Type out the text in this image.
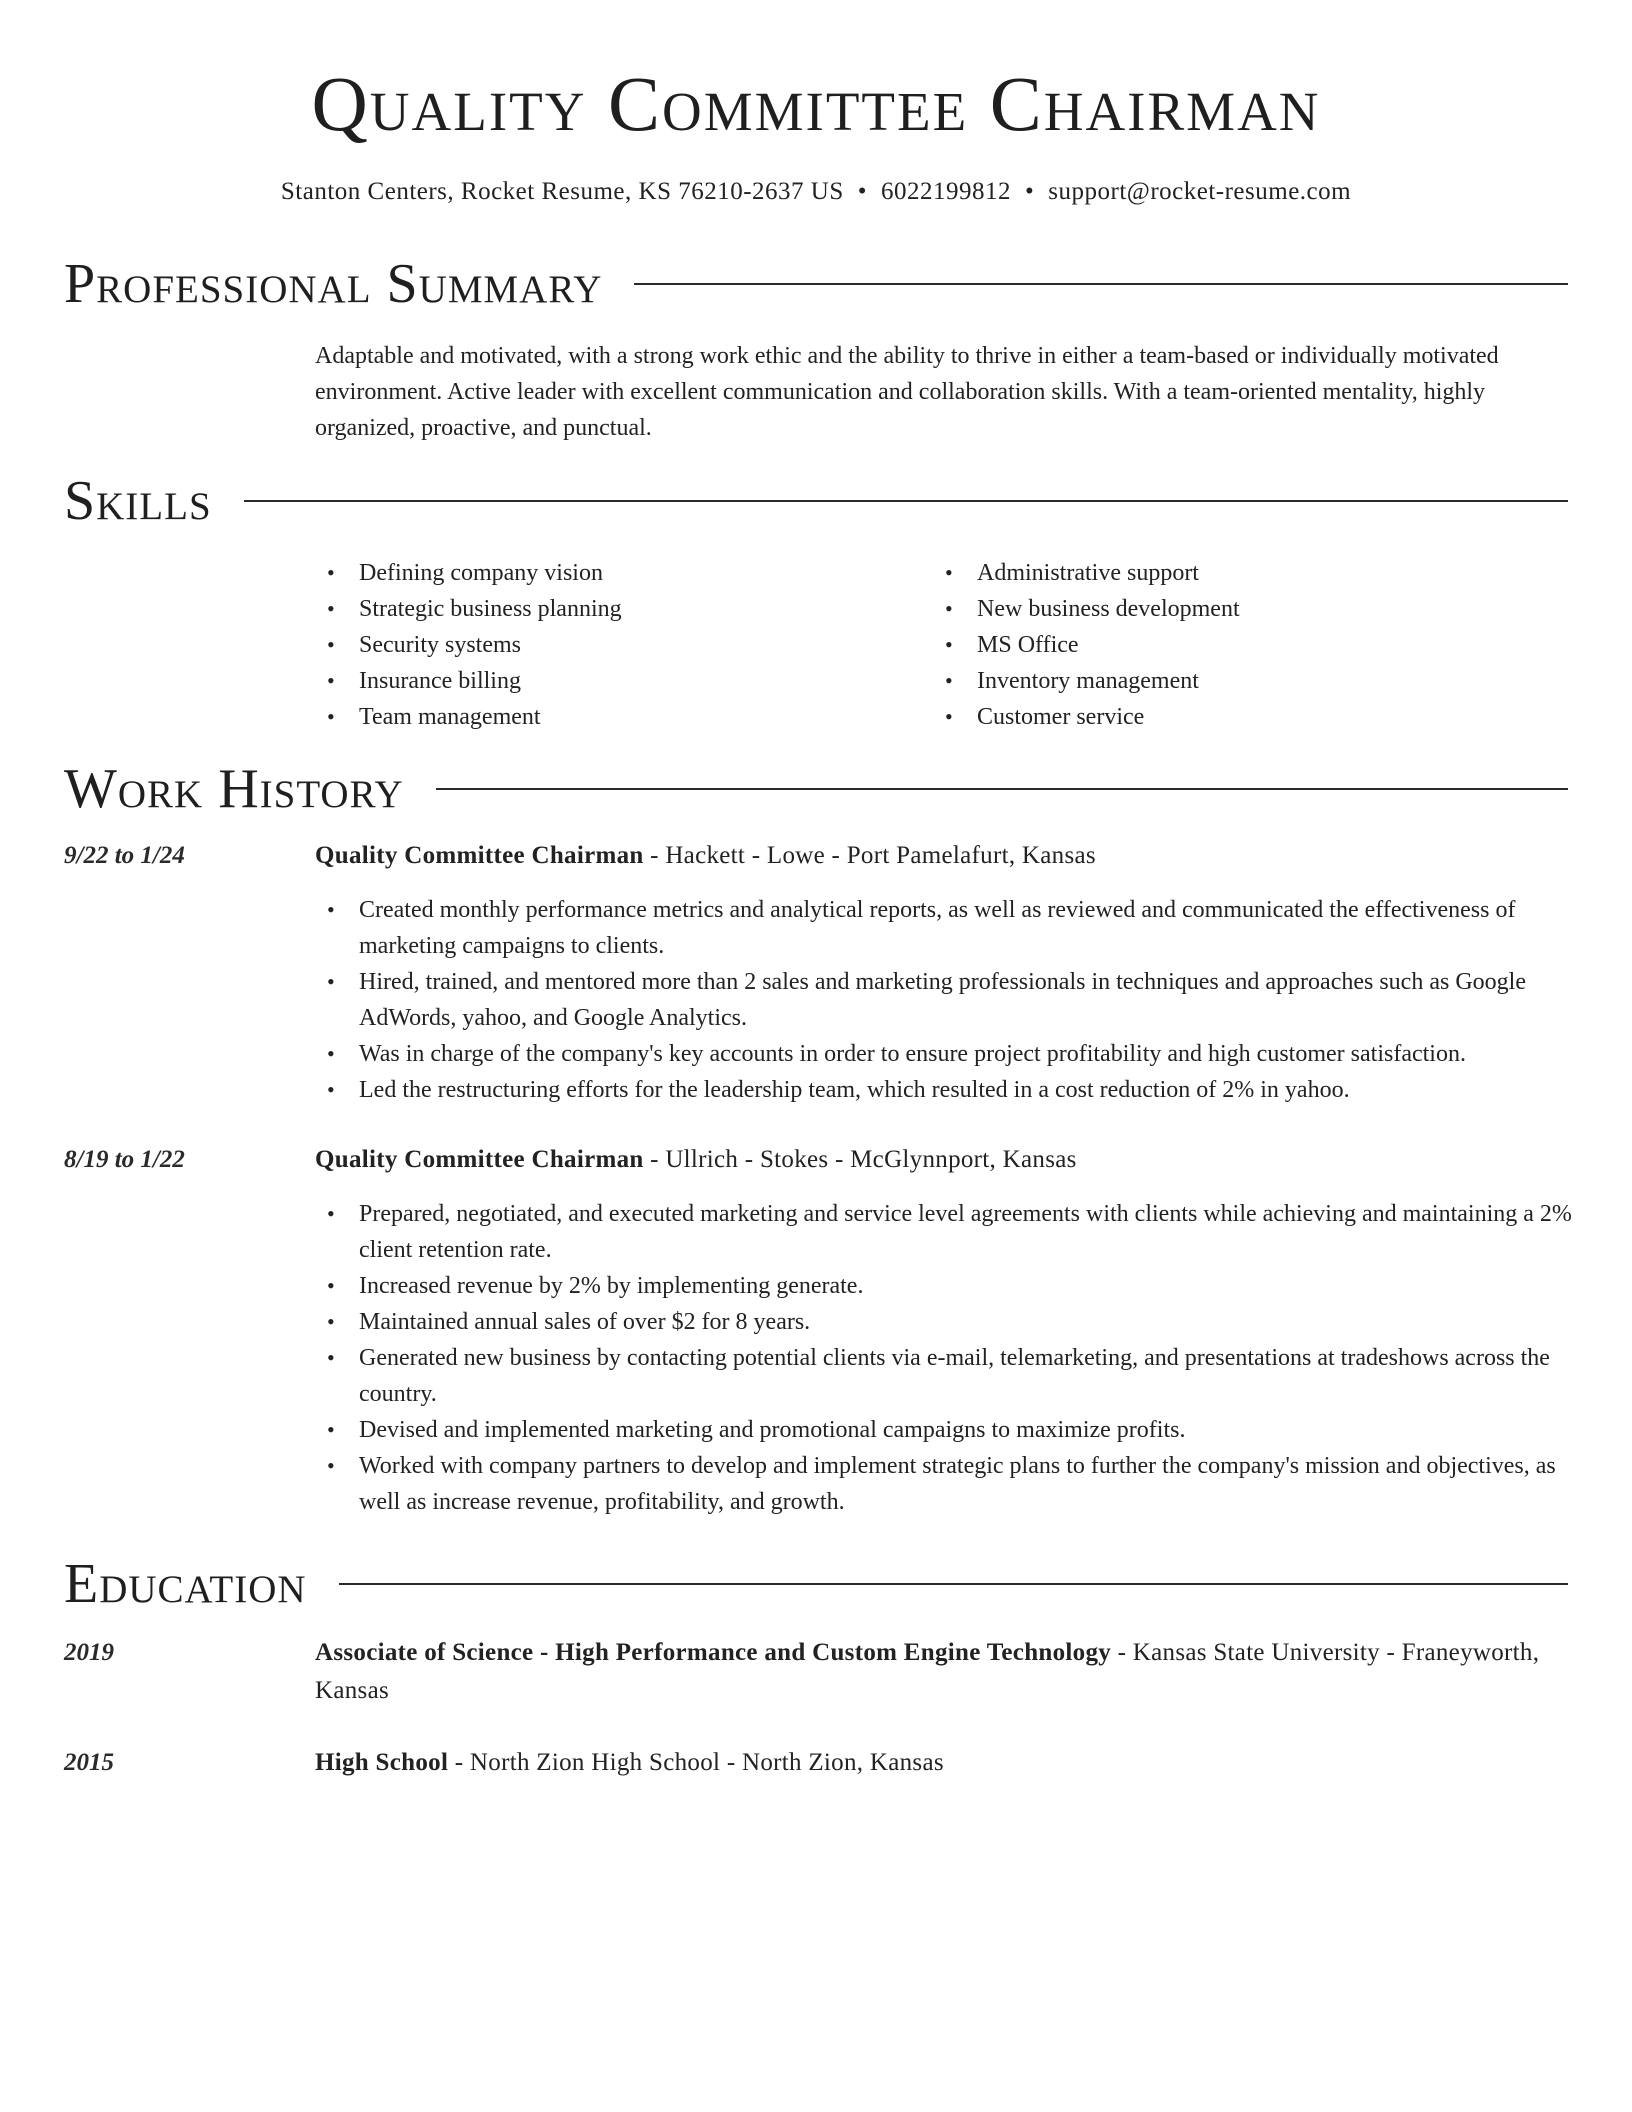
Quality Committee Chairman
Stanton Centers, Rocket Resume, KS 76210-2637 US • 6022199812 • support@rocket-resume.com
Professional Summary
Adaptable and motivated, with a strong work ethic and the ability to thrive in either a team-based or individually motivated environment. Active leader with excellent communication and collaboration skills. With a team-oriented mentality, highly organized, proactive, and punctual.
Skills
• Defining company vision
• Strategic business planning
• Security systems
• Insurance billing
• Team management
• Administrative support
• New business development
• MS Office
• Inventory management
• Customer service
Work History
9/22 to 1/24	Quality Committee Chairman - Hackett - Lowe - Port Pamelafurt, Kansas
• Created monthly performance metrics and analytical reports, as well as reviewed and communicated the effectiveness of marketing campaigns to clients.
• Hired, trained, and mentored more than 2 sales and marketing professionals in techniques and approaches such as Google AdWords, yahoo, and Google Analytics.
• Was in charge of the company's key accounts in order to ensure project profitability and high customer satisfaction.
• Led the restructuring efforts for the leadership team, which resulted in a cost reduction of 2% in yahoo.
8/19 to 1/22	Quality Committee Chairman - Ullrich - Stokes - McGlynnport, Kansas
• Prepared, negotiated, and executed marketing and service level agreements with clients while achieving and maintaining a 2% client retention rate.
• Increased revenue by 2% by implementing generate.
• Maintained annual sales of over $2 for 8 years.
• Generated new business by contacting potential clients via e-mail, telemarketing, and presentations at tradeshows across the country.
• Devised and implemented marketing and promotional campaigns to maximize profits.
• Worked with company partners to develop and implement strategic plans to further the company's mission and objectives, as well as increase revenue, profitability, and growth.
Education
2019	Associate of Science - High Performance and Custom Engine Technology - Kansas State University - Franeyworth, Kansas
2015	High School - North Zion High School - North Zion, Kansas
